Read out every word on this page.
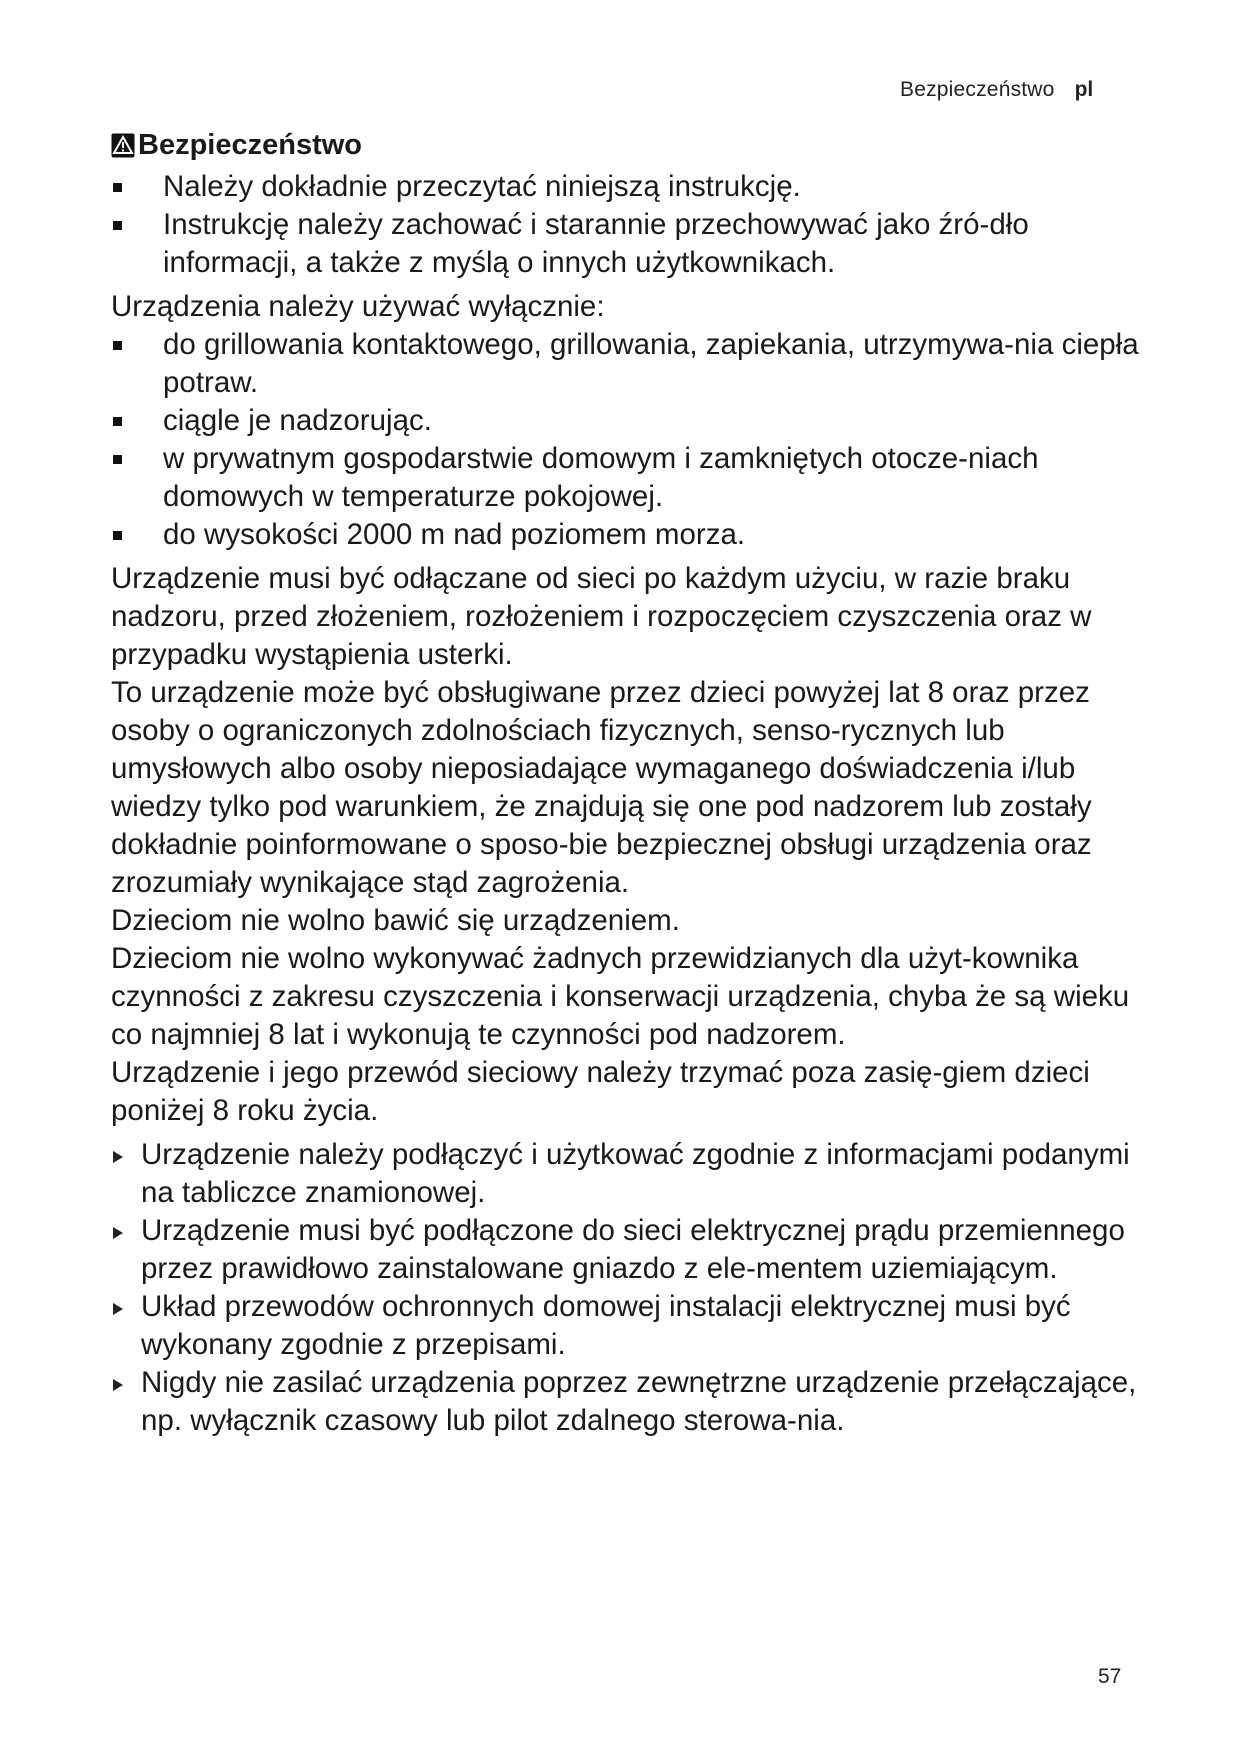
Bezpieczeństwo pl
Bezpieczeństwo
Należy dokładnie przeczytać niniejszą instrukcję.
Instrukcję należy zachować i starannie przechowywać jako źró-dło informacji, a także z myślą o innych użytkownikach.

Urządzenia należy używać wyłącznie:

do grillowania kontaktowego, grillowania, zapiekania, utrzymywa-nia ciepła potraw.
ciągle je nadzorując.
w prywatnym gospodarstwie domowym i zamkniętych otocze-niach domowych w temperaturze pokojowej.
do wysokości 2000 m nad poziomem morza.

Urządzenie musi być odłączane od sieci po każdym użyciu, w razie braku nadzoru, przed złożeniem, rozłożeniem i rozpoczęciem czyszczenia oraz w przypadku wystąpienia usterki.

To urządzenie może być obsługiwane przez dzieci powyżej lat 8 oraz przez osoby o ograniczonych zdolnościach fizycznych, senso-rycznych lub umysłowych albo osoby nieposiadające wymaganego doświadczenia i/lub wiedzy tylko pod warunkiem, że znajdują się one pod nadzorem lub zostały dokładnie poinformowane o sposo-bie bezpiecznej obsługi urządzenia oraz zrozumiały wynikające stąd zagrożenia.

Dzieciom nie wolno bawić się urządzeniem.

Dzieciom nie wolno wykonywać żadnych przewidzianych dla użyt-kownika czynności z zakresu czyszczenia i konserwacji urządzenia, chyba że są wieku co najmniej 8 lat i wykonują te czynności pod nadzorem.

Urządzenie i jego przewód sieciowy należy trzymać poza zasię-giem dzieci poniżej 8 roku życia.

Urządzenie należy podłączyć i użytkować zgodnie z informacjami podanymi na tabliczce znamionowej.
Urządzenie musi być podłączone do sieci elektrycznej prądu przemiennego przez prawidłowo zainstalowane gniazdo z ele-mentem uziemiającym.
Układ przewodów ochronnych domowej instalacji elektrycznej musi być wykonany zgodnie z przepisami.
Nigdy nie zasilać urządzenia poprzez zewnętrzne urządzenie przełączające, np. wyłącznik czasowy lub pilot zdalnego sterowa-nia.
57
